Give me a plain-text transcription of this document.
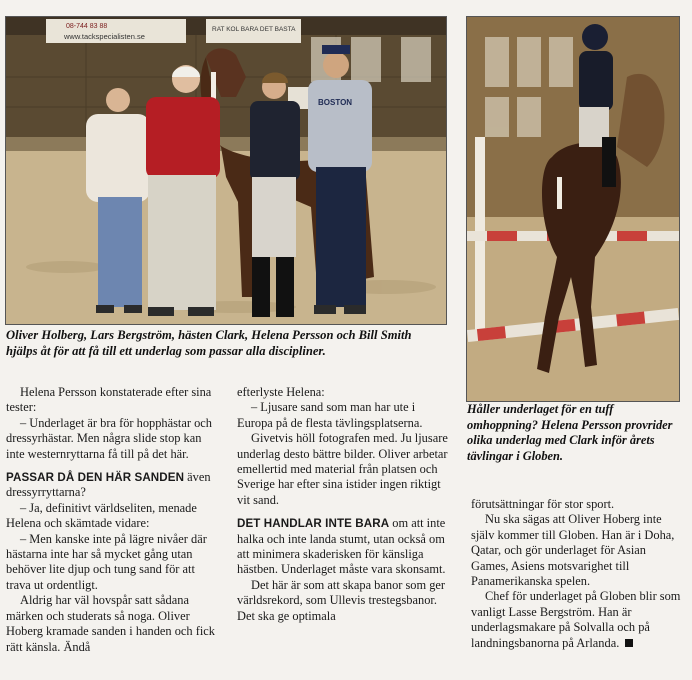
08-744 83 88
www.tackspecialisten.se
RAT KOL BARA DET BASTA
BOSTON
Oliver Holberg, Lars Bergström, hästen Clark, Helena Persson och Bill Smith hjälps åt för att få till ett underlag som passar alla discipliner.
Håller underlaget för en tuff omhoppning? Helena Persson provrider olika underlag med Clark inför årets tävlingar i Globen.

Helena Persson konstaterade efter sina tester:

– Underlaget är bra för hopphästar och dressyrhästar. Men några slide stop kan inte westernryttarna få till på det här.

PASSAR DÅ DEN HÄR SANDEN även dressyrryttarna?

– Ja, definitivt världseliten, menade Helena och skämtade vidare:

– Men kanske inte på lägre nivåer där hästarna inte har så mycket gång utan behöver lite djup och tung sand för att trava ut ordentligt.

Aldrig har väl hovspår satt sådana märken och studerats så noga. Oliver Hoberg kramade sanden i handen och fick rätt känsla. Ändå

efterlyste Helena:

– Ljusare sand som man har ute i Europa på de flesta tävlingsplatserna.

Givetvis höll fotografen med. Ju ljusare underlag desto bättre bilder. Oliver arbetar emellertid med material från platsen och Sverige har efter sina istider ingen riktigt vit sand.

DET HANDLAR INTE BARA om att inte halka och inte landa stumt, utan också om att minimera skaderisken för känsliga hästben. Underlaget måste vara skonsamt.

Det här är som att skapa banor som ger världsrekord, som Ullevis trestegsbanor. Det ska ge optimala

förutsättningar för stor sport.

Nu ska sägas att Oliver Hoberg inte själv kommer till Globen. Han är i Doha, Qatar, och gör underlaget för Asian Games, Asiens motsvarighet till Panamerikanska spelen.

Chef för underlaget på Globen blir som vanligt Lasse Bergström. Han är underlagsmakare på Solvalla och på landningsbanorna på Arlanda.
